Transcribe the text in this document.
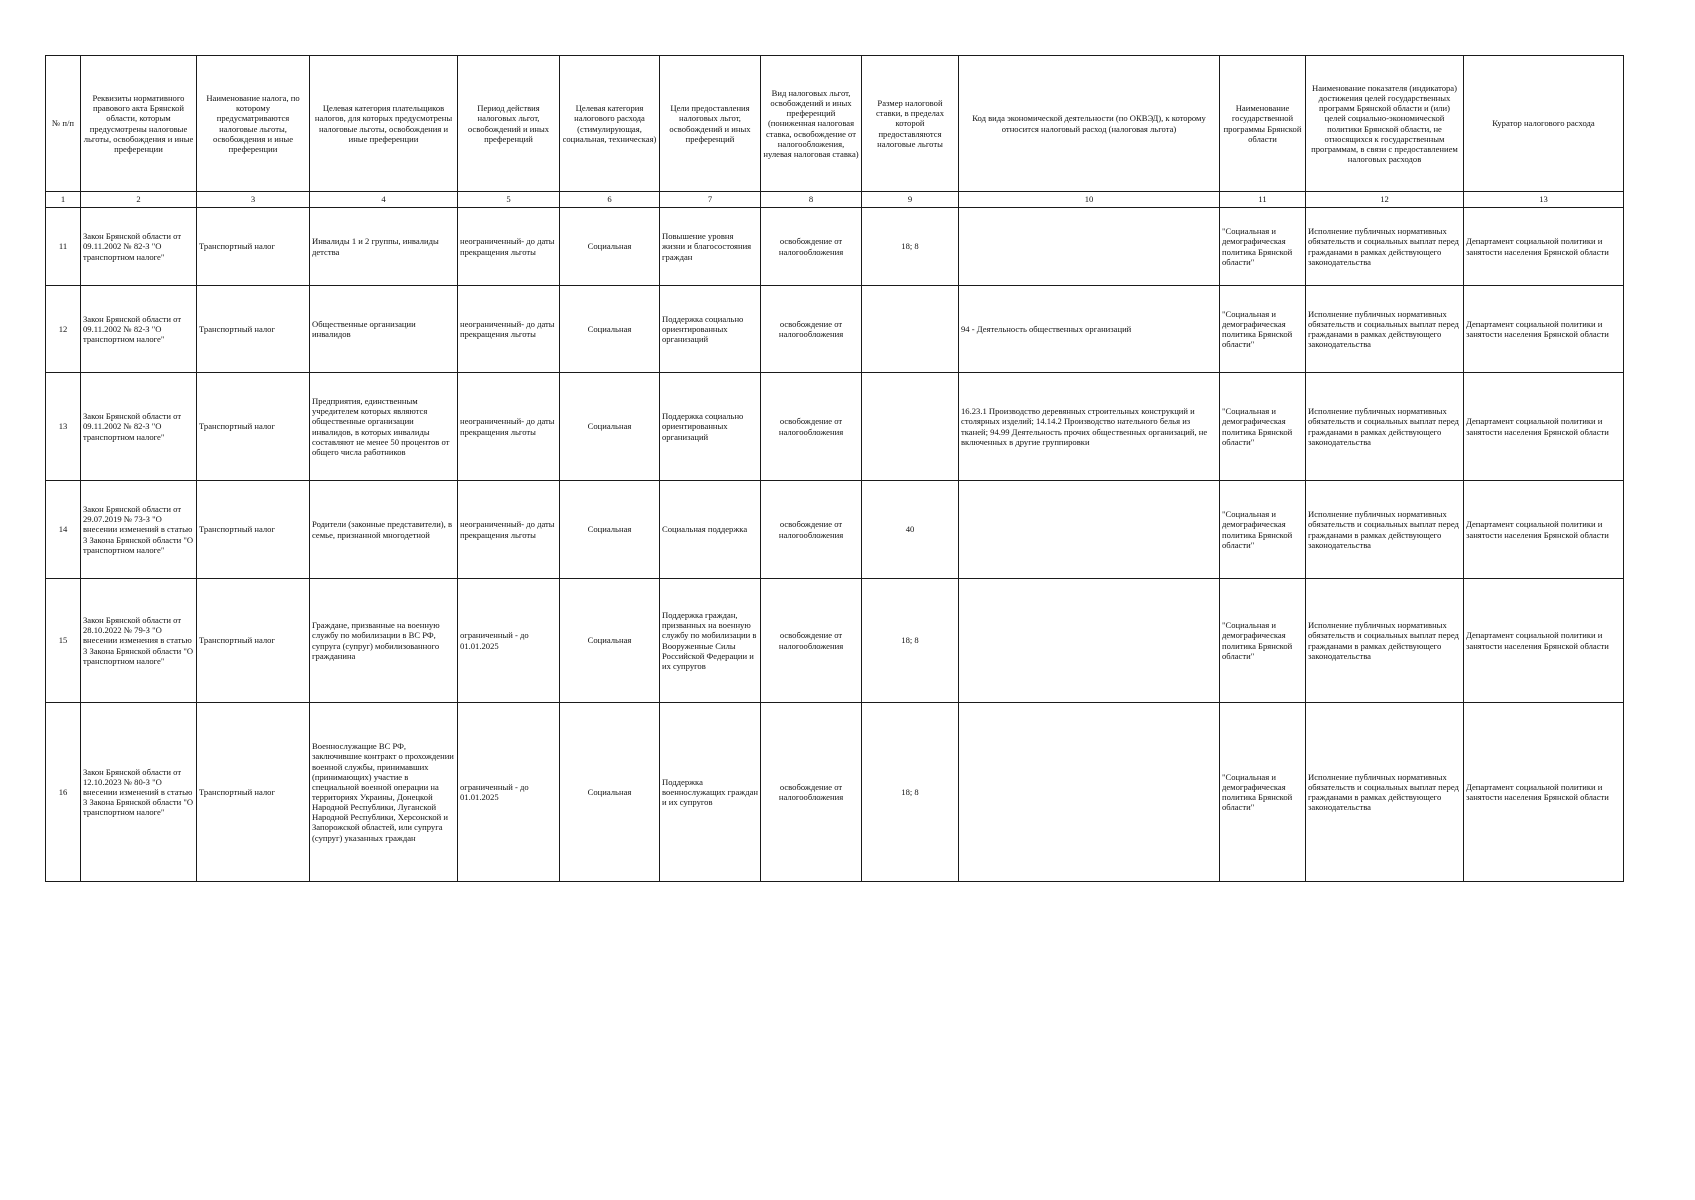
№ п/п	Реквизиты нормативного правового акта Брянской области, которым предусмотрены налоговые льготы, освобождения и иные преференции	Наименование налога, по которому предусматриваются налоговые льготы, освобождения и иные преференции	Целевая категория плательщиков налогов, для которых предусмотрены налоговые льготы, освобождения и иные преференции	Период действия налоговых льгот, освобождений и иных преференций	Целевая категория налогового расхода (стимулирующая, социальная, техническая)	Цели предоставления налоговых льгот, освобождений и иных преференций	Вид налоговых льгот, освобождений и иных преференций (пониженная налоговая ставка, освобождение от налогообложения, нулевая налоговая ставка)	Размер налоговой ставки, в пределах которой предоставляются налоговые льготы	Код вида экономической деятельности (по ОКВЭД), к которому относится налоговый расход (налоговая льгота)	Наименование государственной программы Брянской области	Наименование показателя (индикатора) достижения целей государственных программ Брянской области и (или) целей социально-экономической политики Брянской области, не относящихся к государственным программам, в связи с предоставлением налоговых расходов	Куратор налогового расхода
1	2	3	4	5	6	7	8	9	10	11	12	13
11	Закон Брянской области от 09.11.2002 № 82-З "О транспортном налоге"	Транспортный налог	Инвалиды 1 и 2 группы, инвалиды детства	неограниченный- до даты прекращения льготы	Социальная	Повышение уровня жизни и благосостояния граждан	освобождение от налогообложения	18; 8		"Социальная и демографическая политика Брянской области"	Исполнение публичных нормативных обязательств и социальных выплат перед гражданами в рамках действующего законодательства	Департамент социальной политики и занятости населения Брянской области
12	Закон Брянской области от 09.11.2002 № 82-З "О транспортном налоге"	Транспортный налог	Общественные организации инвалидов	неограниченный- до даты прекращения льготы	Социальная	Поддержка социально ориентированных организаций	освобождение от налогообложения		94 - Деятельность общественных организаций	"Социальная и демографическая политика Брянской области"	Исполнение публичных нормативных обязательств и социальных выплат перед гражданами в рамках действующего законодательства	Департамент социальной политики и занятости населения Брянской области
13	Закон Брянской области от 09.11.2002 № 82-З "О транспортном налоге"	Транспортный налог	Предприятия, единственным учредителем которых являются общественные организации инвалидов, в которых инвалиды составляют не менее 50 процентов от общего числа работников	неограниченный- до даты прекращения льготы	Социальная	Поддержка социально ориентированных организаций	освобождение от налогообложения		16.23.1 Производство деревянных строительных конструкций и столярных изделий; 14.14.2 Производство нательного белья из тканей; 94.99 Деятельность прочих общественных организаций, не включенных в другие группировки	"Социальная и демографическая политика Брянской области"	Исполнение публичных нормативных обязательств и социальных выплат перед гражданами в рамках действующего законодательства	Департамент социальной политики и занятости населения Брянской области
14	Закон Брянской области от 29.07.2019 № 73-З "О внесении изменений в статью 3 Закона Брянской области "О транспортном налоге"	Транспортный налог	Родители (законные представители), в семье, признанной многодетной	неограниченный- до даты прекращения льготы	Социальная	Социальная поддержка	освобождение от налогообложения	40		"Социальная и демографическая политика Брянской области"	Исполнение публичных нормативных обязательств и социальных выплат перед гражданами в рамках действующего законодательства	Департамент социальной политики и занятости населения Брянской области
15	Закон Брянской области от 28.10.2022 № 79-З "О внесении изменения в статью 3 Закона Брянской области "О транспортном налоге"	Транспортный налог	Граждане, призванные на военную службу по мобилизации в ВС РФ, супруга (супруг) мобилизованного гражданина	ограниченный - до 01.01.2025	Социальная	Поддержка граждан, призванных на военную службу по мобилизации в Вооруженные Силы Российской Федерации и их супругов	освобождение от налогообложения	18; 8		"Социальная и демографическая политика Брянской области"	Исполнение публичных нормативных обязательств и социальных выплат перед гражданами в рамках действующего законодательства	Департамент социальной политики и занятости населения Брянской области
16	Закон Брянской области от 12.10.2023 № 80-З "О внесении изменений в статью 3 Закона Брянской области "О транспортном налоге"	Транспортный налог	Военнослужащие ВС РФ, заключившие контракт о прохождении военной службы, принимавших (принимающих) участие в специальной военной операции на территориях Украины, Донецкой Народной Республики, Луганской Народной Республики, Херсонской и Запорожской областей, или супруга (супруг) указанных граждан	ограниченный - до 01.01.2025	Социальная	Поддержка военнослужащих граждан и их супругов	освобождение от налогообложения	18; 8		"Социальная и демографическая политика Брянской области"	Исполнение публичных нормативных обязательств и социальных выплат перед гражданами в рамках действующего законодательства	Департамент социальной политики и занятости населения Брянской области
